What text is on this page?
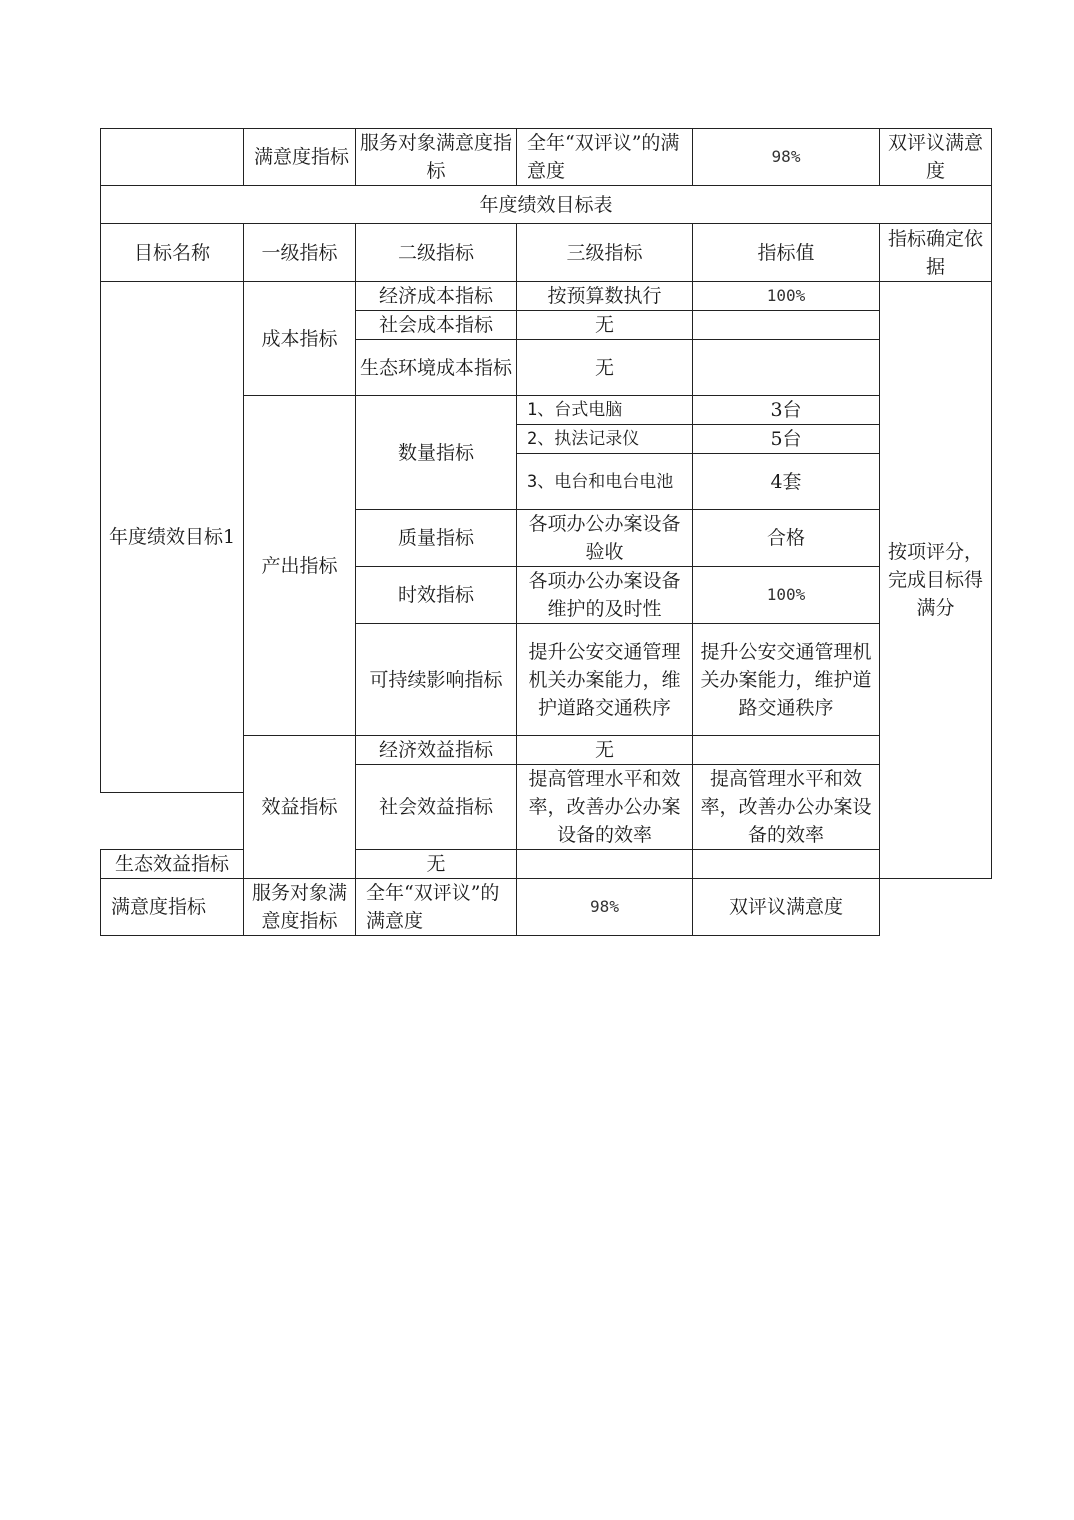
	满意度指标	服务对象满意度指标	全年“双评议”的满意度	98%	双评议满意度
年度绩效目标表					
目标名称	一级指标	二级指标	三级指标	指标值	指标确定依据
年度绩效目标1	成本指标	经济成本指标	按预算数执行	100%	按项评分，完成目标得满分
		社会成本指标	无		
		生态环境成本指标	无		

	产出指标	数量指标	1、台式电脑	3台	
			2、执法记录仪	5台	
			3、电台和电台电池	4套	

		质量指标	各项办公办案设备验收	合格	

		时效指标	各项办公办案设备维护的及时性	100%	

		可持续影响指标	提升公安交通管理机关办案能力，维护道路交通秩序	提升公安交通管理机关办案能力，维护道路交通秩序	

	效益指标	经济效益指标	无		
		社会效益指标	提高管理水平和效率，改善办公办案设备的效率	提高管理水平和效率，改善办公办案设备的效率	

生态效益指标		无			
满意度指标	服务对象满意度指标	全年“双评议”的满意度	98%	双评议满意度	
